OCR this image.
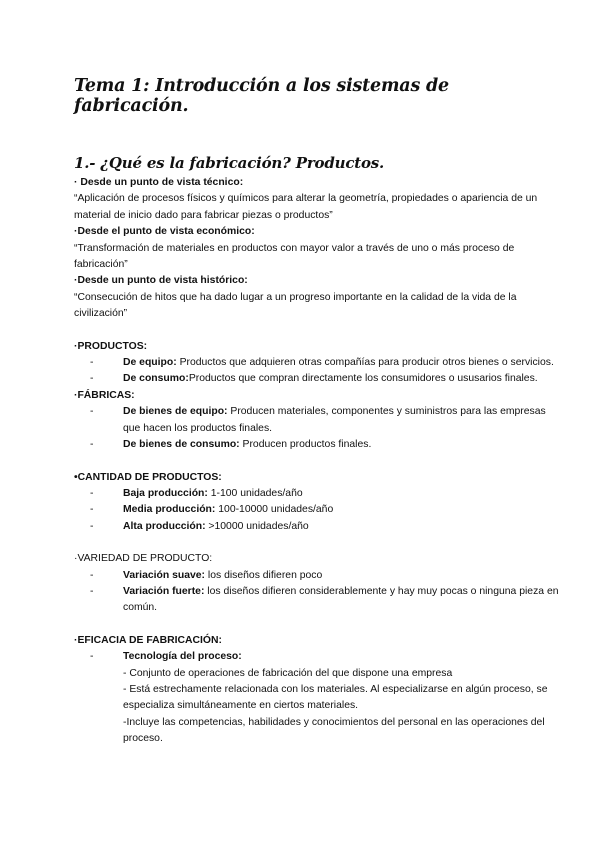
Tema 1: Introducción a los sistemas de fabricación.
1.- ¿Qué es la fabricación? Productos.

· Desde un punto de vista técnico:

“Aplicación de procesos físicos y químicos para alterar la geometría, propiedades o apariencia de un material de inicio dado para fabricar piezas o productos”

·Desde el punto de vista económico:

“Transformación de materiales en productos con mayor valor a través de uno o más proceso de fabricación”

·Desde un punto de vista histórico:

“Consecución de hitos que ha dado lugar a un progreso importante en la calidad de la vida de la civilización”

·PRODUCTOS:

- De equipo: Productos que adquieren otras compañías para producir otros bienes o servicios.
- De consumo:Productos que compran directamente los consumidores o ususarios finales.

·FÁBRICAS:

- De bienes de equipo: Producen materiales, componentes y suministros para las empresas que hacen los productos finales.
- De bienes de consumo: Producen productos finales.

•CANTIDAD DE PRODUCTOS:

- Baja producción: 1-100 unidades/año
- Media producción: 100-10000 unidades/año
- Alta producción: >10000 unidades/año

·VARIEDAD DE PRODUCTO:

- Variación suave: los diseños difieren poco
- Variación fuerte: los diseños difieren considerablemente y hay muy pocas o ninguna pieza en común.

·EFICACIA DE FABRICACIÓN:

- Tecnología del proceso:

- Conjunto de operaciones de fabricación del que dispone una empresa

- Está estrechamente relacionada con los materiales. Al especializarse en algún proceso, se especializa simultáneamente en ciertos materiales.

-Incluye las competencias, habilidades y conocimientos del personal en las operaciones del proceso.
